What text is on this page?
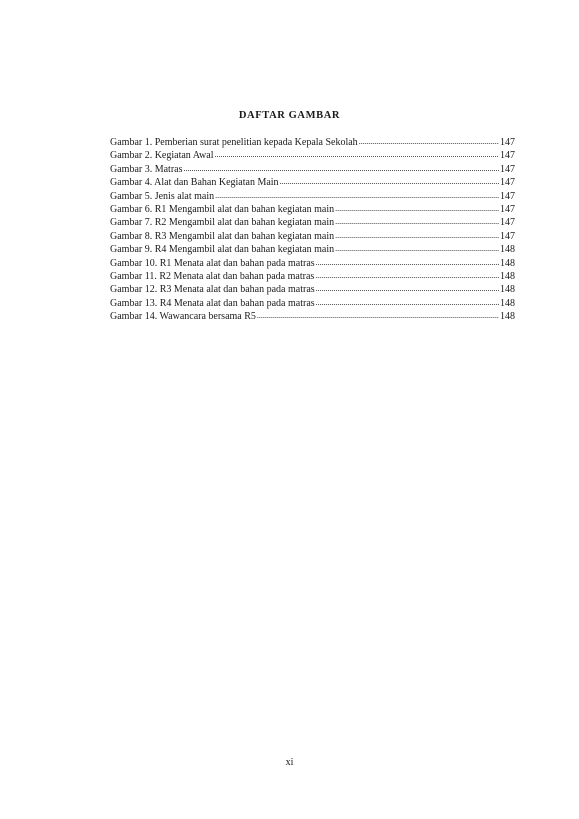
DAFTAR GAMBAR
Gambar 1. Pemberian surat penelitian kepada Kepala Sekolah .....	147
Gambar 2. Kegiatan Awal .....	147
Gambar 3. Matras .....	147
Gambar 4. Alat dan Bahan Kegiatan Main .....	147
Gambar 5. Jenis alat main .....	147
Gambar 6. R1 Mengambil alat dan bahan kegiatan main .....	147
Gambar 7. R2 Mengambil alat dan bahan kegiatan main .....	147
Gambar 8. R3 Mengambil alat dan bahan kegiatan main .....	147
Gambar 9. R4 Mengambil alat dan bahan kegiatan main .....	148
Gambar 10. R1 Menata alat dan bahan pada matras .....	148
Gambar 11. R2 Menata alat dan bahan pada matras .....	148
Gambar 12. R3 Menata alat dan bahan pada matras .....	148
Gambar 13. R4 Menata alat dan bahan pada matras .....	148
Gambar 14. Wawancara bersama R5 .....	148
xi
